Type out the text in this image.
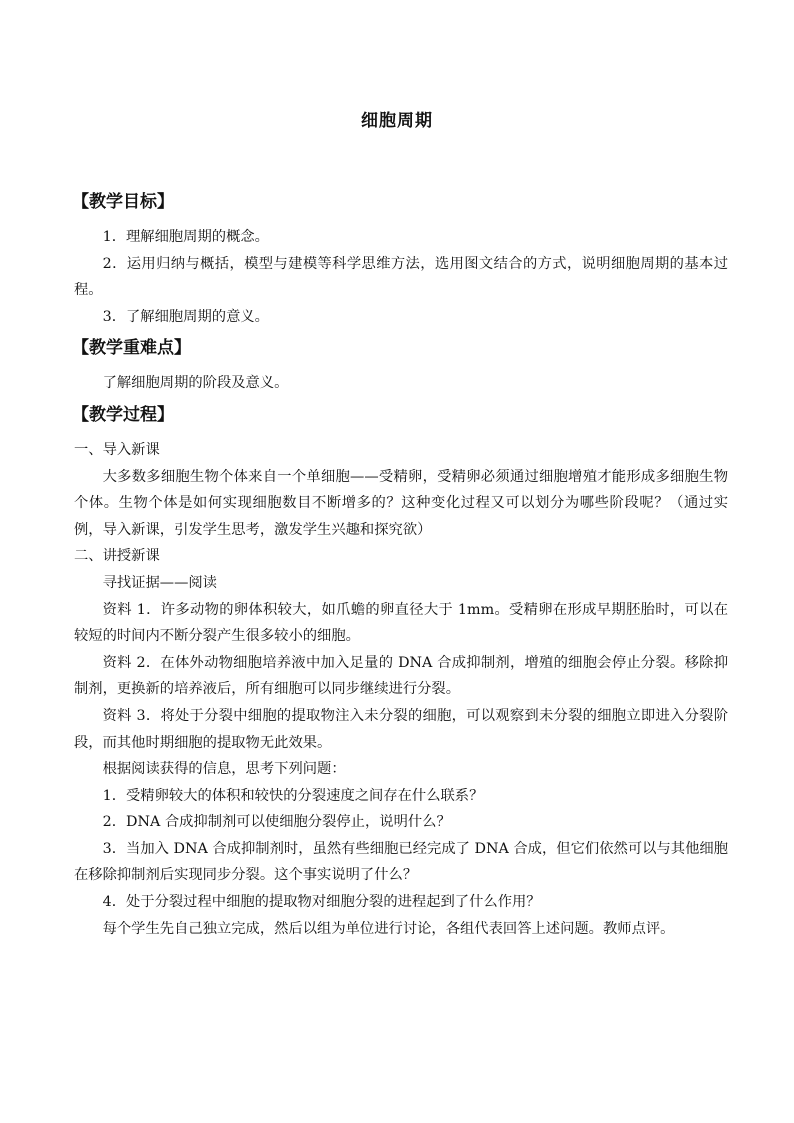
细胞周期
【教学目标】

1．理解细胞周期的概念。

2．运用归纳与概括，模型与建模等科学思维方法，选用图文结合的方式，说明细胞周期的基本过程。

3．了解细胞周期的意义。

【教学重难点】

了解细胞周期的阶段及意义。

【教学过程】

一、导入新课

大多数多细胞生物个体来自一个单细胞——受精卵，受精卵必须通过细胞增殖才能形成多细胞生物个体。生物个体是如何实现细胞数目不断增多的？这种变化过程又可以划分为哪些阶段呢？（通过实例，导入新课，引发学生思考，激发学生兴趣和探究欲）

二、讲授新课

寻找证据——阅读

资料 1．许多动物的卵体积较大，如爪蟾的卵直径大于 1mm。受精卵在形成早期胚胎时，可以在较短的时间内不断分裂产生很多较小的细胞。

资料 2．在体外动物细胞培养液中加入足量的 DNA 合成抑制剂，增殖的细胞会停止分裂。移除抑制剂，更换新的培养液后，所有细胞可以同步继续进行分裂。

资料 3．将处于分裂中细胞的提取物注入未分裂的细胞，可以观察到未分裂的细胞立即进入分裂阶段，而其他时期细胞的提取物无此效果。

根据阅读获得的信息，思考下列问题：

1．受精卵较大的体积和较快的分裂速度之间存在什么联系？

2．DNA 合成抑制剂可以使细胞分裂停止，说明什么？

3．当加入 DNA 合成抑制剂时，虽然有些细胞已经完成了 DNA 合成，但它们依然可以与其他细胞在移除抑制剂后实现同步分裂。这个事实说明了什么？

4．处于分裂过程中细胞的提取物对细胞分裂的进程起到了什么作用？

每个学生先自己独立完成，然后以组为单位进行讨论，各组代表回答上述问题。教师点评。
